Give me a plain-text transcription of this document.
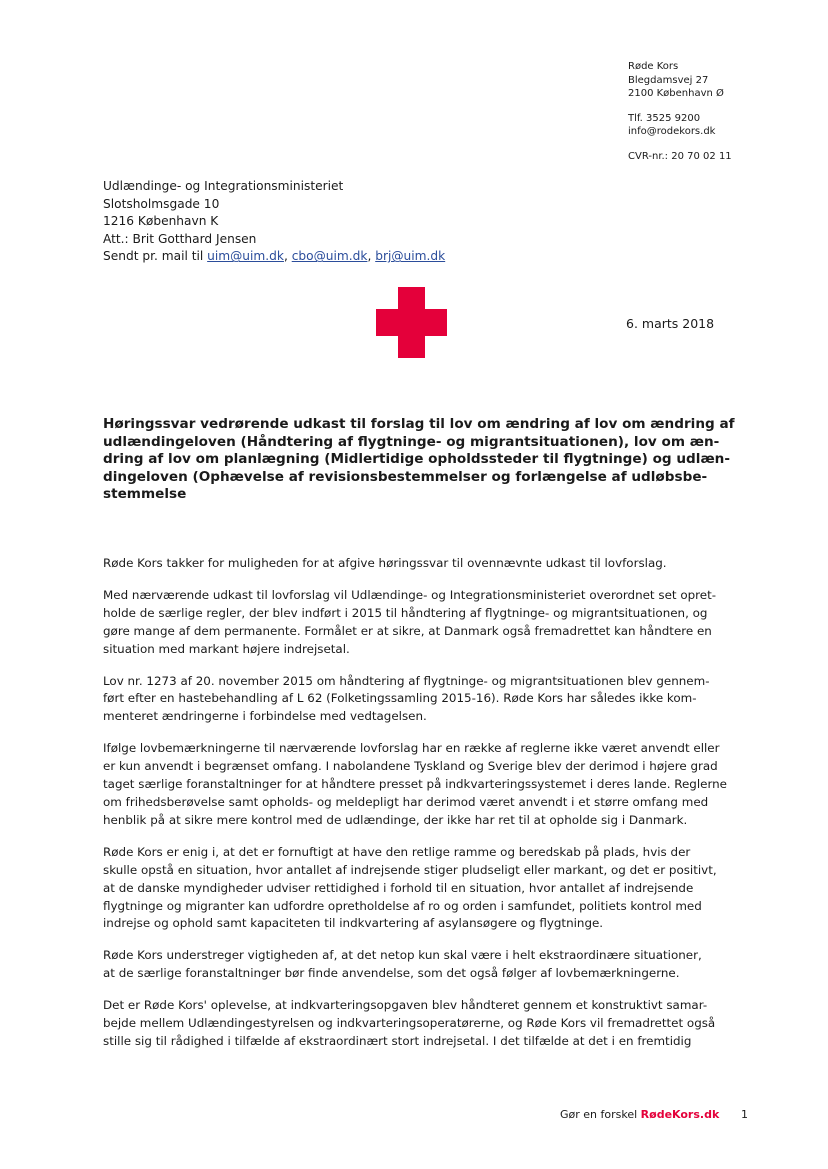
Røde Kors
Blegdamsvej 27
2100 København Ø
Tlf. 3525 9200
info@rodekors.dk
CVR-nr.: 20 70 02 11
Udlændinge- og Integrationsministeriet
Slotsholmsgade 10
1216 København K
Att.: Brit Gotthard Jensen
Sendt pr. mail til uim@uim.dk, cbo@uim.dk, brj@uim.dk
6. marts 2018
Høringssvar vedrørende udkast til forslag til lov om ændring af lov om ændring af
udlændingeloven (Håndtering af flygtninge- og migrantsituationen), lov om æn-
dring af lov om planlægning (Midlertidige opholdssteder til flygtninge) og udlæn-
dingeloven (Ophævelse af revisionsbestemmelser og forlængelse af udløbsbe-
stemmelse

Røde Kors takker for muligheden for at afgive høringssvar til ovennævnte udkast til lovforslag.

Med nærværende udkast til lovforslag vil Udlændinge- og Integrationsministeriet overordnet set opret-
holde de særlige regler, der blev indført i 2015 til håndtering af flygtninge- og migrantsituationen, og
gøre mange af dem permanente. Formålet er at sikre, at Danmark også fremadrettet kan håndtere en
situation med markant højere indrejsetal.

Lov nr. 1273 af 20. november 2015 om håndtering af flygtninge- og migrantsituationen blev gennem-
ført efter en hastebehandling af L 62 (Folketingssamling 2015-16). Røde Kors har således ikke kom-
menteret ændringerne i forbindelse med vedtagelsen.

Ifølge lovbemærkningerne til nærværende lovforslag har en række af reglerne ikke været anvendt eller
er kun anvendt i begrænset omfang. I nabolandene Tyskland og Sverige blev der derimod i højere grad
taget særlige foranstaltninger for at håndtere presset på indkvarteringssystemet i deres lande. Reglerne
om frihedsberøvelse samt opholds- og meldepligt har derimod været anvendt i et større omfang med
henblik på at sikre mere kontrol med de udlændinge, der ikke har ret til at opholde sig i Danmark.

Røde Kors er enig i, at det er fornuftigt at have den retlige ramme og beredskab på plads, hvis der
skulle opstå en situation, hvor antallet af indrejsende stiger pludseligt eller markant, og det er positivt,
at de danske myndigheder udviser rettidighed i forhold til en situation, hvor antallet af indrejsende
flygtninge og migranter kan udfordre opretholdelse af ro og orden i samfundet, politiets kontrol med
indrejse og ophold samt kapaciteten til indkvartering af asylansøgere og flygtninge.

Røde Kors understreger vigtigheden af, at det netop kun skal være i helt ekstraordinære situationer,
at de særlige foranstaltninger bør finde anvendelse, som det også følger af lovbemærkningerne.

Det er Røde Kors' oplevelse, at indkvarteringsopgaven blev håndteret gennem et konstruktivt samar-
bejde mellem Udlændingestyrelsen og indkvarteringsoperatørerne, og Røde Kors vil fremadrettet også
stille sig til rådighed i tilfælde af ekstraordinært stort indrejsetal. I det tilfælde at det i en fremtidig

Gør en forskel RødeKors.dk 1
